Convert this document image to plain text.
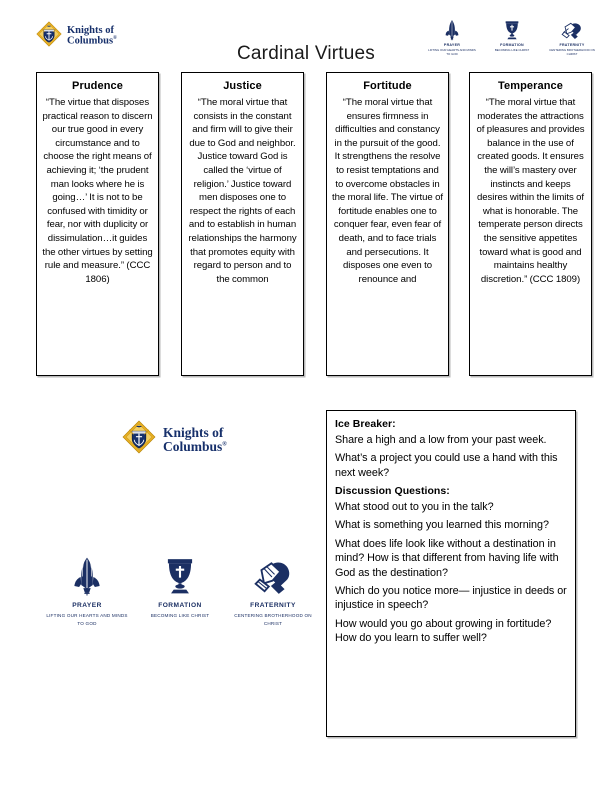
Knights of
Columbus®
Cardinal Virtues	PRAYER
LIFTING OUR HEARTS AND MINDS TO GOD
FORMATION
BECOMING LIKE CHRIST
FRATERNITY
CENTERING BROTHERHOOD ON CHRIST
Prudence
“The virtue that disposes practical reason to discern our true good in every circumstance and to choose the right means of achieving it; ‘the prudent man looks where he is going…’ It is not to be confused with timidity or fear, nor with duplicity or dissimulation…it guides the other virtues by setting rule and measure.” (CCC 1806)
Justice
“The moral virtue that consists in the constant and firm will to give their due to God and neighbor. Justice toward God is called the ‘virtue of religion.’ Justice toward men disposes one to respect the rights of each and to establish in human relationships the harmony that promotes equity with regard to person and to the common
Fortitude
“The moral virtue that ensures firmness in difficulties and constancy in the pursuit of the good. It strengthens the resolve to resist temptations and to overcome obstacles in the moral life. The virtue of fortitude enables one to conquer fear, even fear of death, and to face trials and persecutions. It disposes one even to renounce and
Temperance
“The moral virtue that moderates the attractions of pleasures and provides balance in the use of created goods. It ensures the will’s mastery over instincts and keeps desires within the limits of what is honorable. The temperate person directs the sensitive appetites toward what is good and maintains healthy discretion.” (CCC 1809)
Knights of
Columbus®
PRAYER
LIFTING OUR HEARTS AND MINDS TO GOD
FORMATION
BECOMING LIKE CHRIST
FRATERNITY
CENTERING BROTHERHOOD ON CHRIST
Ice Breaker:

Share a high and a low from your past week.

What’s a project you could use a hand with this next week?

Discussion Questions:

What stood out to you in the talk?

What is something you learned this morning?

What does life look like without a destination in mind? How is that different from having life with God as the destination?

Which do you notice more— injustice in deeds or injustice in speech?

How would you go about growing in fortitude? How do you learn to suffer well?
